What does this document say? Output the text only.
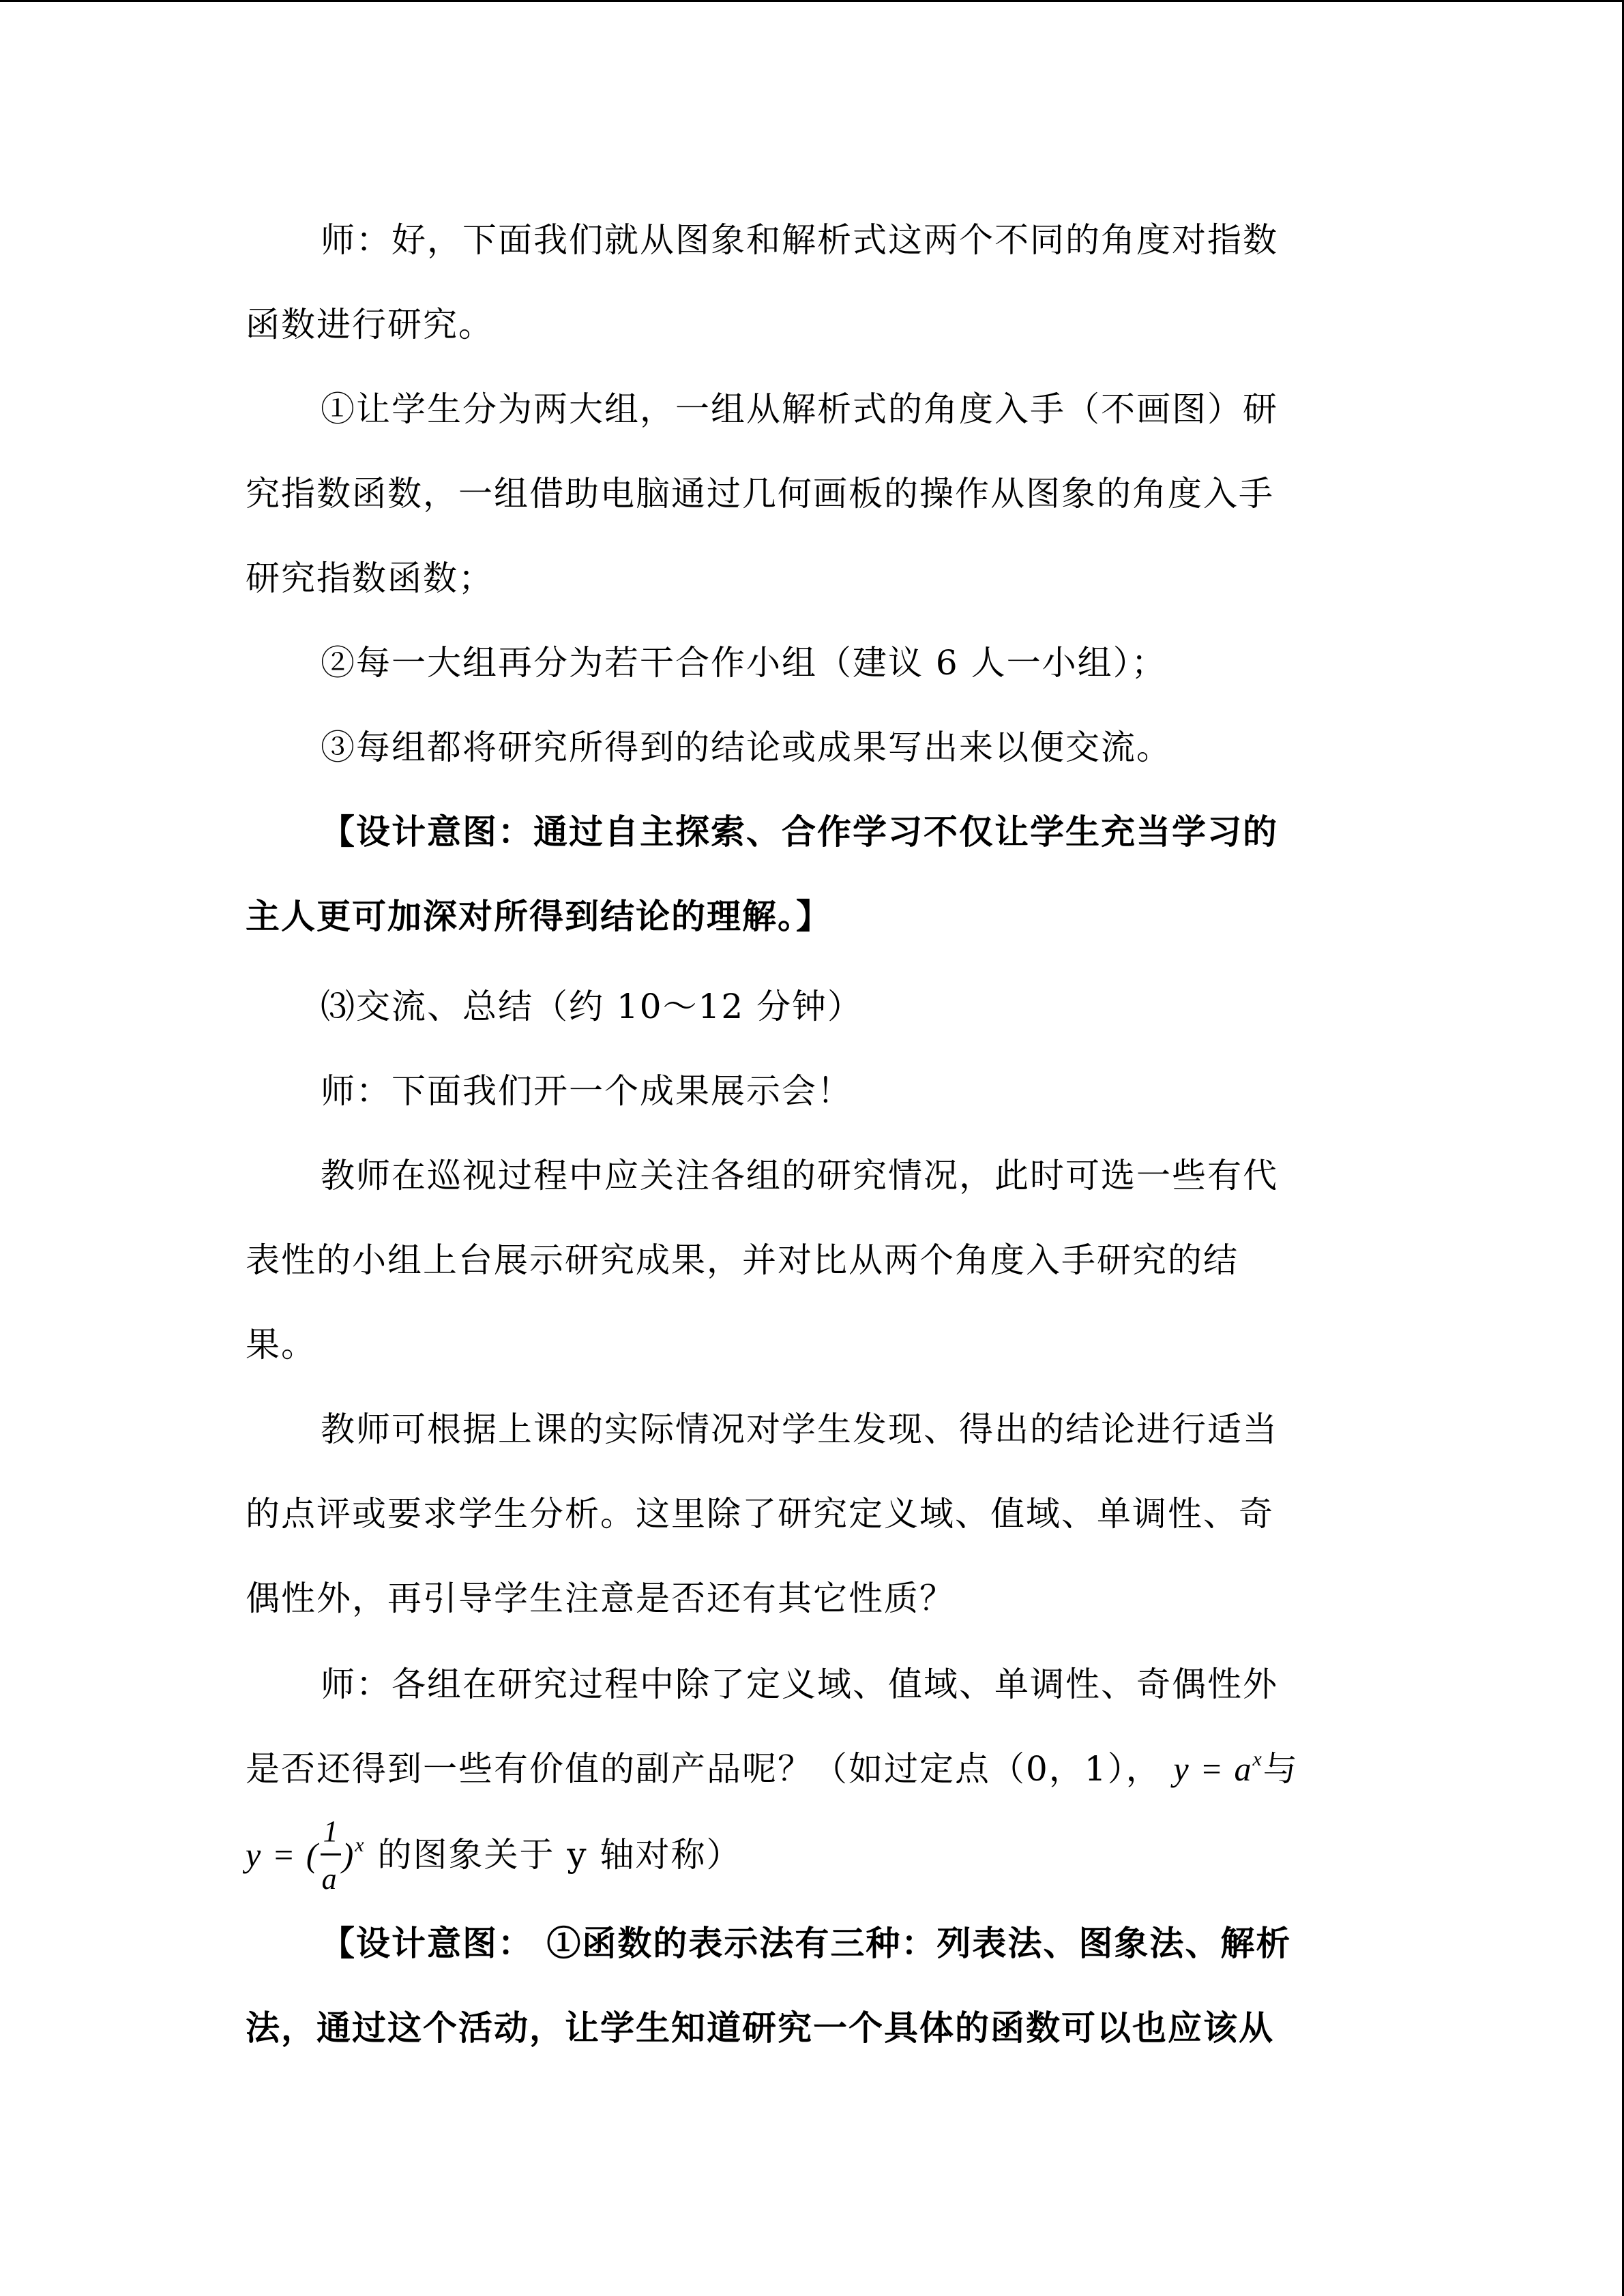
师：好，下面我们就从图象和解析式这两个不同的角度对指数
函数进行研究。
①让学生分为两大组，一组从解析式的角度入手（不画图）研
究指数函数，一组借助电脑通过几何画板的操作从图象的角度入手
研究指数函数；
②每一大组再分为若干合作小组（建议 6 人一小组）；
③每组都将研究所得到的结论或成果写出来以便交流。
【设计意图：通过自主探索、合作学习不仅让学生充当学习的
主人更可加深对所得到结论的理解。】
⑶交流、总结（约 10～12 分钟）
师：下面我们开一个成果展示会！
教师在巡视过程中应关注各组的研究情况，此时可选一些有代
表性的小组上台展示研究成果，并对比从两个角度入手研究的结
果。
教师可根据上课的实际情况对学生发现、得出的结论进行适当
的点评或要求学生分析。这里除了研究定义域、值域、单调性、奇
偶性外，再引导学生注意是否还有其它性质？
师：各组在研究过程中除了定义域、值域、单调性、奇偶性外
是否还得到一些有价值的副产品呢？（如过定点（0，1）， $y = a^x$与
y = ( $\frac{1}{a} )^x$ 的图象关于 y 轴对称）
【设计意图： ①函数的表示法有三种：列表法、图象法、解析
法，通过这个活动，让学生知道研究一个具体的函数可以也应该从
